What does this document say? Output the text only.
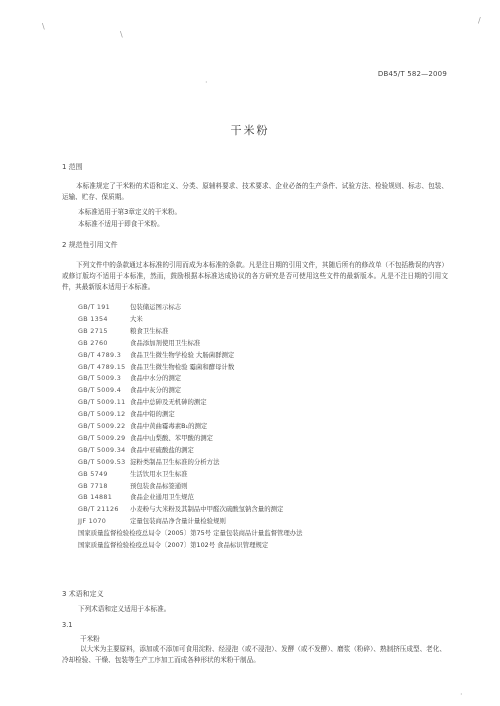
\
\
·
/
·
DB45/T 582—2009
干米粉
1 范围
本标准规定了干米粉的术语和定义、分类、原辅料要求、技术要求、企业必备的生产条件、试验方法、检验规则、标志、包装、运输、贮存、保质期。
本标准适用于第3章定义的干米粉。
本标准不适用于即食干米粉。
2 规范性引用文件
下列文件中的条款通过本标准的引用而成为本标准的条款。凡是注日期的引用文件，其随后所有的修改单（不包括勘误的内容）或修订版均不适用于本标准，然而，鼓励根据本标准达成协议的各方研究是否可使用这些文件的最新版本。凡是不注日期的引用文件，其最新版本适用于本标准。
GB/T 191	包装储运图示标志
GB 1354	大米
GB 2715	粮食卫生标准
GB 2760	食品添加剂使用卫生标准
GB/T 4789.3 食品卫生微生物学检验 大肠菌群测定
GB/T 4789.15 食品卫生微生物检验 霉菌和酵母计数
GB/T 5009.3 食品中水分的测定
GB/T 5009.4 食品中灰分的测定
GB/T 5009.11 食品中总砷及无机砷的测定
GB/T 5009.12 食品中铅的测定
GB/T 5009.22 食品中黄曲霉毒素B₁的测定
GB/T 5009.29 食品中山梨酸、苯甲酸的测定
GB/T 5009.34 食品中亚硫酸盐的测定
GB/T 5009.53 淀粉类制品卫生标准的分析方法
GB 5749	生活饮用水卫生标准
GB 7718	预包装食品标签通则
GB 14881	食品企业通用卫生规范
GB/T 21126 小麦粉与大米粉及其制品中甲醛次硫酸氢钠含量的测定
JJF 1070	定量包装商品净含量计量检验规则
国家质量监督检验检疫总局令〔2005〕第75号 定量包装商品计量监督管理办法
国家质量监督检验检疫总局令〔2007〕第102号 食品标识管理规定
3 术语和定义
下列术语和定义适用于本标准。
3.1
干米粉
以大米为主要原料，添加或不添加可食用淀粉、经浸泡（或不浸泡）、发酵（或不发酵）、磨浆（粉碎）、熟制挤压成型、老化、冷却检验、干燥、包装等生产工序加工而成各种形状的米粉干制品。
